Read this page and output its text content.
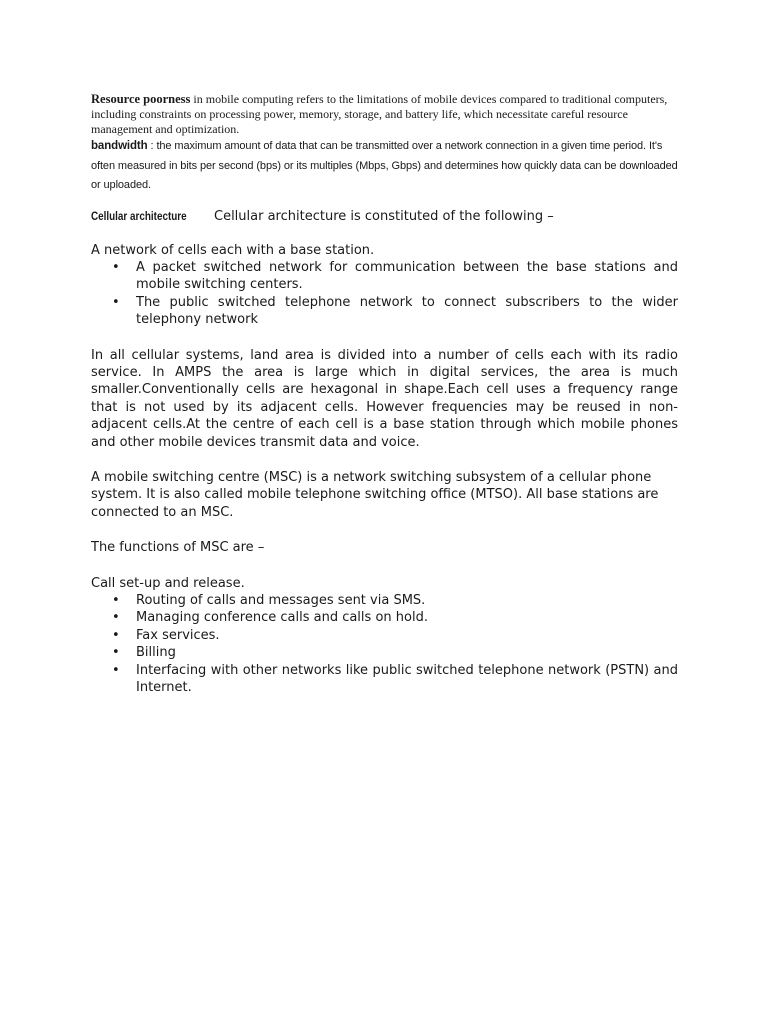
Resource poorness in mobile computing refers to the limitations of mobile devices compared to traditional computers, including constraints on processing power, memory, storage, and battery life, which necessitate careful resource management and optimization.

bandwidth : the maximum amount of data that can be transmitted over a network connection in a given time period. It's often measured in bits per second (bps) or its multiples (Mbps, Gbps) and determines how quickly data can be downloaded or uploaded.

Cellular architecture	Cellular architecture is constituted of the following –

A network of cells each with a base station.

• A packet switched network for communication between the base stations and mobile switching centers.
• The public switched telephone network to connect subscribers to the wider telephony network

In all cellular systems, land area is divided into a number of cells each with its radio service. In AMPS the area is large which in digital services, the area is much smaller.Conventionally cells are hexagonal in shape.Each cell uses a frequency range that is not used by its adjacent cells. However frequencies may be reused in non-adjacent cells.At the centre of each cell is a base station through which mobile phones and other mobile devices transmit data and voice.

A mobile switching centre (MSC) is a network switching subsystem of a cellular phone system. It is also called mobile telephone switching office (MTSO). All base stations are connected to an MSC.

The functions of MSC are –

Call set-up and release.

• Routing of calls and messages sent via SMS.
• Managing conference calls and calls on hold.
• Fax services.
• Billing
• Interfacing with other networks like public switched telephone network (PSTN) and Internet.
